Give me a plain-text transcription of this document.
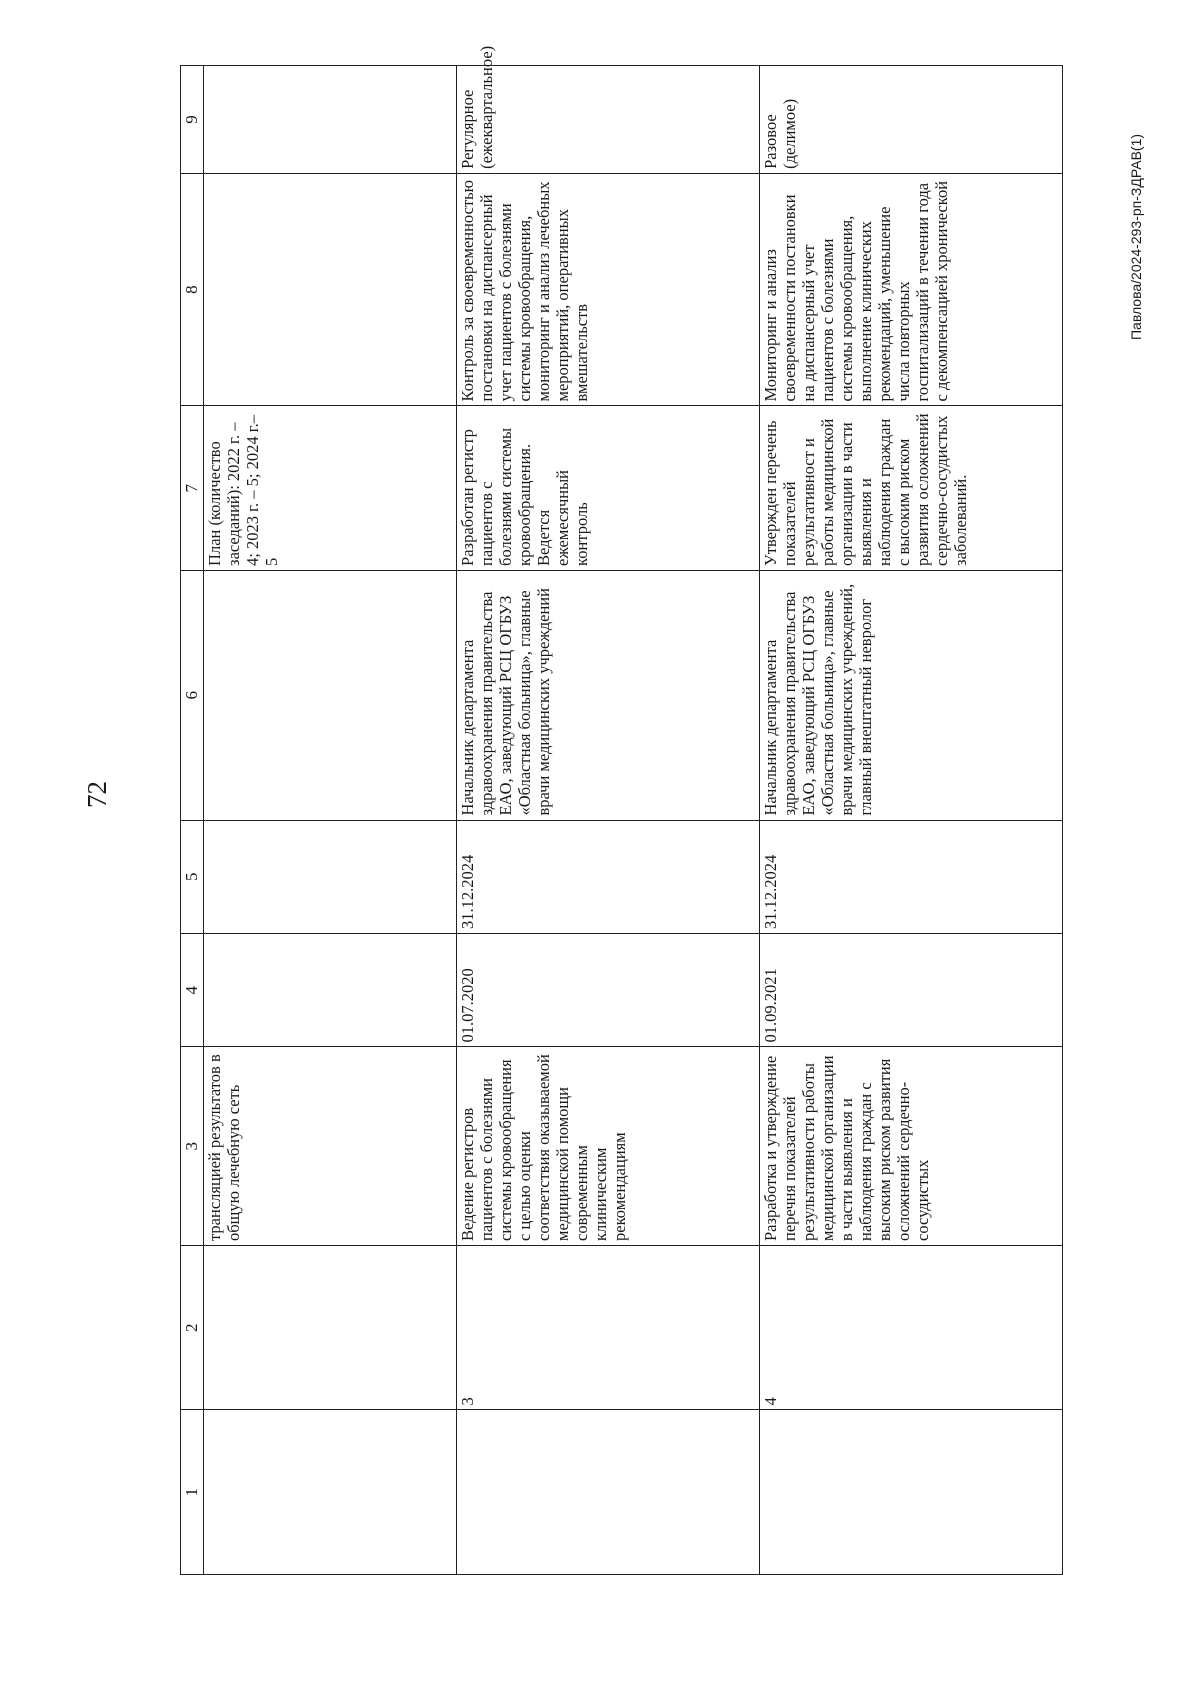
72
Павлова/2024-293-рп-ЗДРАВ(1)
1	2	3	4	5	6	7	8	9
		трансляцией результатов в общую лечебную сеть				План (количество заседаний): 2022 г. – 4; 2023 г. – 5; 2024 г.– 5		
	3	Ведение регистров пациентов с болезнями системы кровообращения с целью оценки соответствия оказываемой медицинской помощи современным клиническим рекомендациям	01.07.2020	31.12.2024	Начальник департамента здравоохранения правительства ЕАО, заведующий РСЦ ОГБУЗ «Областная больница», главные врачи медицинских учреждений	Разработан регистр пациентов с болезнями системы кровообращения. Ведется ежемесячный контроль	Контроль за своевременностью постановки на диспансерный учет пациентов с болезнями системы кровообращения, мониторинг и анализ лечебных мероприятий, оперативных вмешательств	Регулярное (ежеквартальное)
	4	Разработка и утверждение перечня показателей результативности работы медицинской организации в части выявления и наблюдения граждан с высоким риском развития осложнений сердечно-сосудистых	01.09.2021	31.12.2024	Начальник департамента здравоохранения правительства ЕАО, заведующий РСЦ ОГБУЗ «Областная больница», главные врачи медицинских учреждений, главный внештатный невролог	Утвержден перечень показателей результативност и работы медицинской организации в части выявления и наблюдения граждан с высоким риском развития осложнений сердечно-сосудистых заболеваний.	Мониторинг и анализ своевременности постановки на диспансерный учет пациентов с болезнями системы кровообращения, выполнение клинических рекомендаций, уменьшение числа повторных госпитализаций в течении года с декомпенсацией хронической	Разовое (делимое)
